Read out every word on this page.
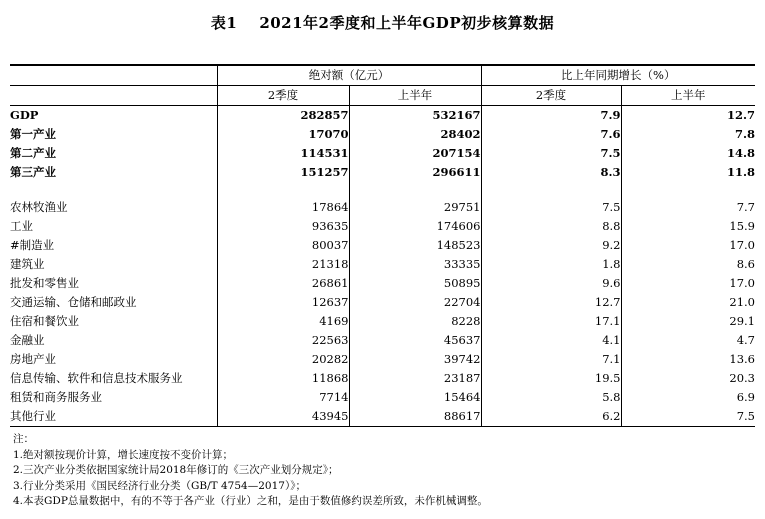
表1 2021年2季度和上半年GDP初步核算数据
	绝对额（亿元）		比上年同期增长（%）	
	2季度	上半年	2季度	上半年
GDP	282857	532167	7.9	12.7
第一产业	17070	28402	7.6	7.8
第二产业	114531	207154	7.5	14.8
第三产业	151257	296611	8.3	11.8

农林牧渔业	17864	29751	7.5	7.7
工业	93635	174606	8.8	15.9
#制造业	80037	148523	9.2	17.0
建筑业	21318	33335	1.8	8.6
批发和零售业	26861	50895	9.6	17.0
交通运输、仓储和邮政业	12637	22704	12.7	21.0
住宿和餐饮业	4169	8228	17.1	29.1
金融业	22563	45637	4.1	4.7
房地产业	20282	39742	7.1	13.6
信息传输、软件和信息技术服务业	11868	23187	19.5	20.3
租赁和商务服务业	7714	15464	5.8	6.9
其他行业	43945	88617	6.2	7.5
注：
1.绝对额按现价计算，增长速度按不变价计算；
2.三次产业分类依据国家统计局2018年修订的《三次产业划分规定》；
3.行业分类采用《国民经济行业分类（GB/T 4754—2017）》；
4.本表GDP总量数据中，有的不等于各产业（行业）之和，是由于数值修约误差所致，未作机械调整。
